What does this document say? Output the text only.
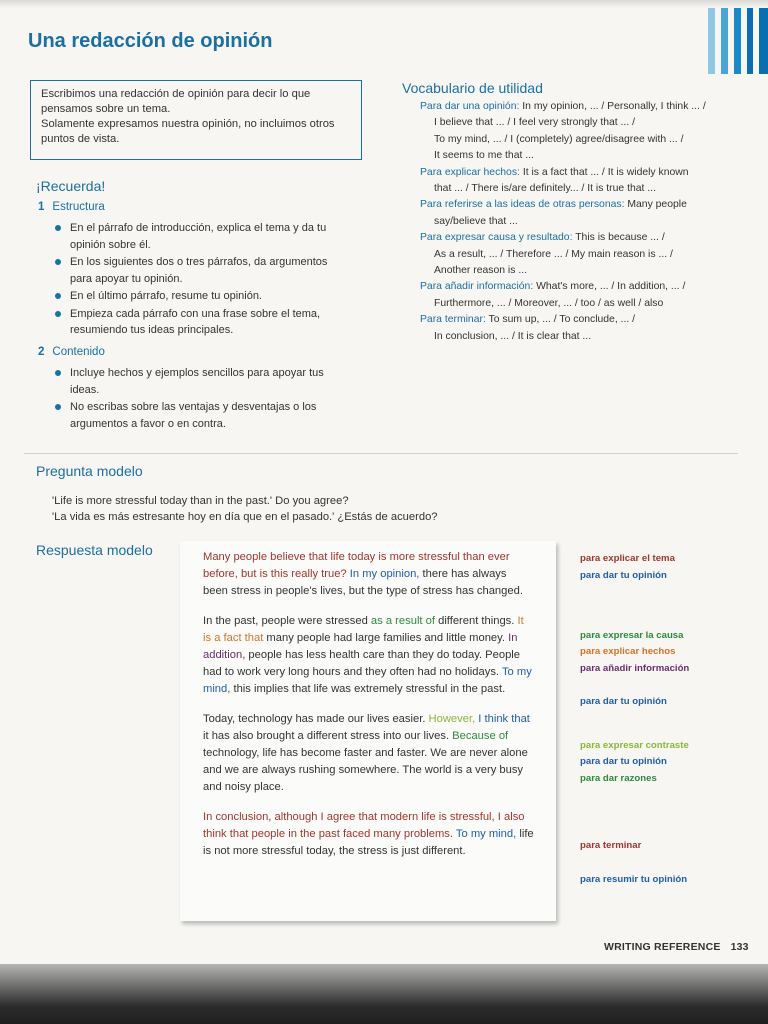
Una redacción de opinión

Escribimos una redacción de opinión para decir lo que pensamos sobre un tema.

Solamente expresamos nuestra opinión, no incluimos otros puntos de vista.

¡Recuerda!
1 Estructura
En el párrafo de introducción, explica el tema y da tu opinión sobre él.
En los siguientes dos o tres párrafos, da argumentos para apoyar tu opinión.
En el último párrafo, resume tu opinión.
Empieza cada párrafo con una frase sobre el tema, resumiendo tus ideas principales.
2 Contenido
Incluye hechos y ejemplos sencillos para apoyar tus ideas.
No escribas sobre las ventajas y desventajas o los argumentos a favor o en contra.
Vocabulario de utilidad
Para dar una opinión: In my opinion, ... / Personally, I think ... /
I believe that ... / I feel very strongly that ... /
To my mind, ... / I (completely) agree/disagree with ... /
It seems to me that ...
Para explicar hechos: It is a fact that ... / It is widely known
that ... / There is/are definitely... / It is true that ...
Para referirse a las ideas de otras personas: Many people
say/believe that ...
Para expresar causa y resultado: This is because ... /
As a result, ... / Therefore ... / My main reason is ... /
Another reason is ...
Para añadir información: What's more, ... / In addition, ... /
Furthermore, ... / Moreover, ... / too / as well / also
Para terminar: To sum up, ... / To conclude, ... /
In conclusion, ... / It is clear that ...
Pregunta modelo
'Life is more stressful today than in the past.' Do you agree?
'La vida es más estresante hoy en día que en el pasado.' ¿Estás de acuerdo?
Respuesta modelo	Many people believe that life today is more stressful than ever before, but is this really true? In my opinion, there has always been stress in people's lives, but the type of stress has changed.

In the past, people were stressed as a result of different things. It is a fact that many people had large families and little money. In addition, people has less health care than they do today. People had to work very long hours and they often had no holidays. To my mind, this implies that life was extremely stressful in the past.

Today, technology has made our lives easier. However, I think that it has also brought a different stress into our lives. Because of technology, life has become faster and faster. We are never alone and we are always rushing somewhere. The world is a very busy and noisy place.

In conclusion, although I agree that modern life is stressful, I also think that people in the past faced many problems. To my mind, life is not more stressful today, the stress is just different.

para explicar el tema
para dar tu opinión
para expresar la causa
para explicar hechos
para añadir información
para dar tu opinión
para expresar contraste
para dar tu opinión
para dar razones
para terminar
para resumir tu opinión
WRITING REFERENCE 133
